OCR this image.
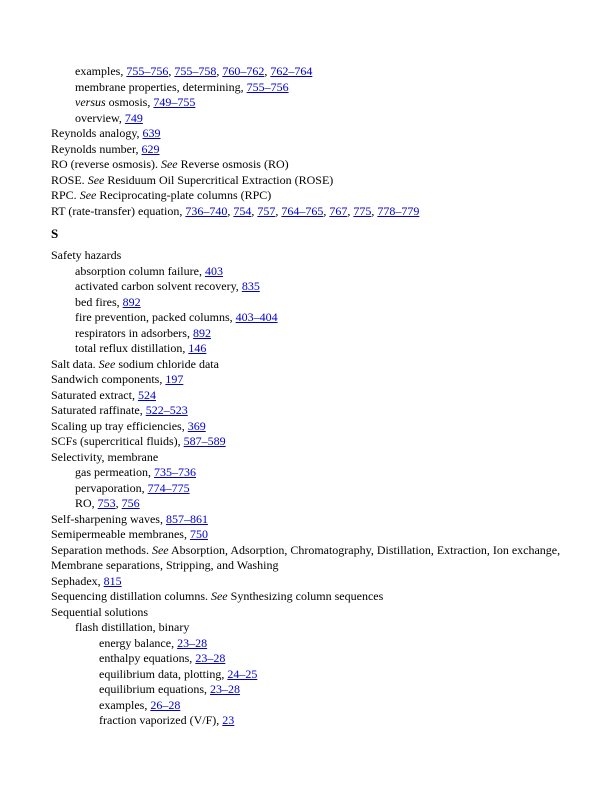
examples, 755–756, 755–758, 760–762, 762–764
membrane properties, determining, 755–756
versus osmosis, 749–755
overview, 749
Reynolds analogy, 639
Reynolds number, 629
RO (reverse osmosis). See Reverse osmosis (RO)
ROSE. See Residuum Oil Supercritical Extraction (ROSE)
RPC. See Reciprocating-plate columns (RPC)
RT (rate-transfer) equation, 736–740, 754, 757, 764–765, 767, 775, 778–779
S
Safety hazards
absorption column failure, 403
activated carbon solvent recovery, 835
bed fires, 892
fire prevention, packed columns, 403–404
respirators in adsorbers, 892
total reflux distillation, 146
Salt data. See sodium chloride data
Sandwich components, 197
Saturated extract, 524
Saturated raffinate, 522–523
Scaling up tray efficiencies, 369
SCFs (supercritical fluids), 587–589
Selectivity, membrane
gas permeation, 735–736
pervaporation, 774–775
RO, 753, 756
Self-sharpening waves, 857–861
Semipermeable membranes, 750
Separation methods. See Absorption, Adsorption, Chromatography, Distillation, Extraction, Ion exchange, Membrane separations, Stripping, and Washing
Sephadex, 815
Sequencing distillation columns. See Synthesizing column sequences
Sequential solutions
flash distillation, binary
energy balance, 23–28
enthalpy equations, 23–28
equilibrium data, plotting, 24–25
equilibrium equations, 23–28
examples, 26–28
fraction vaporized (V/F), 23
